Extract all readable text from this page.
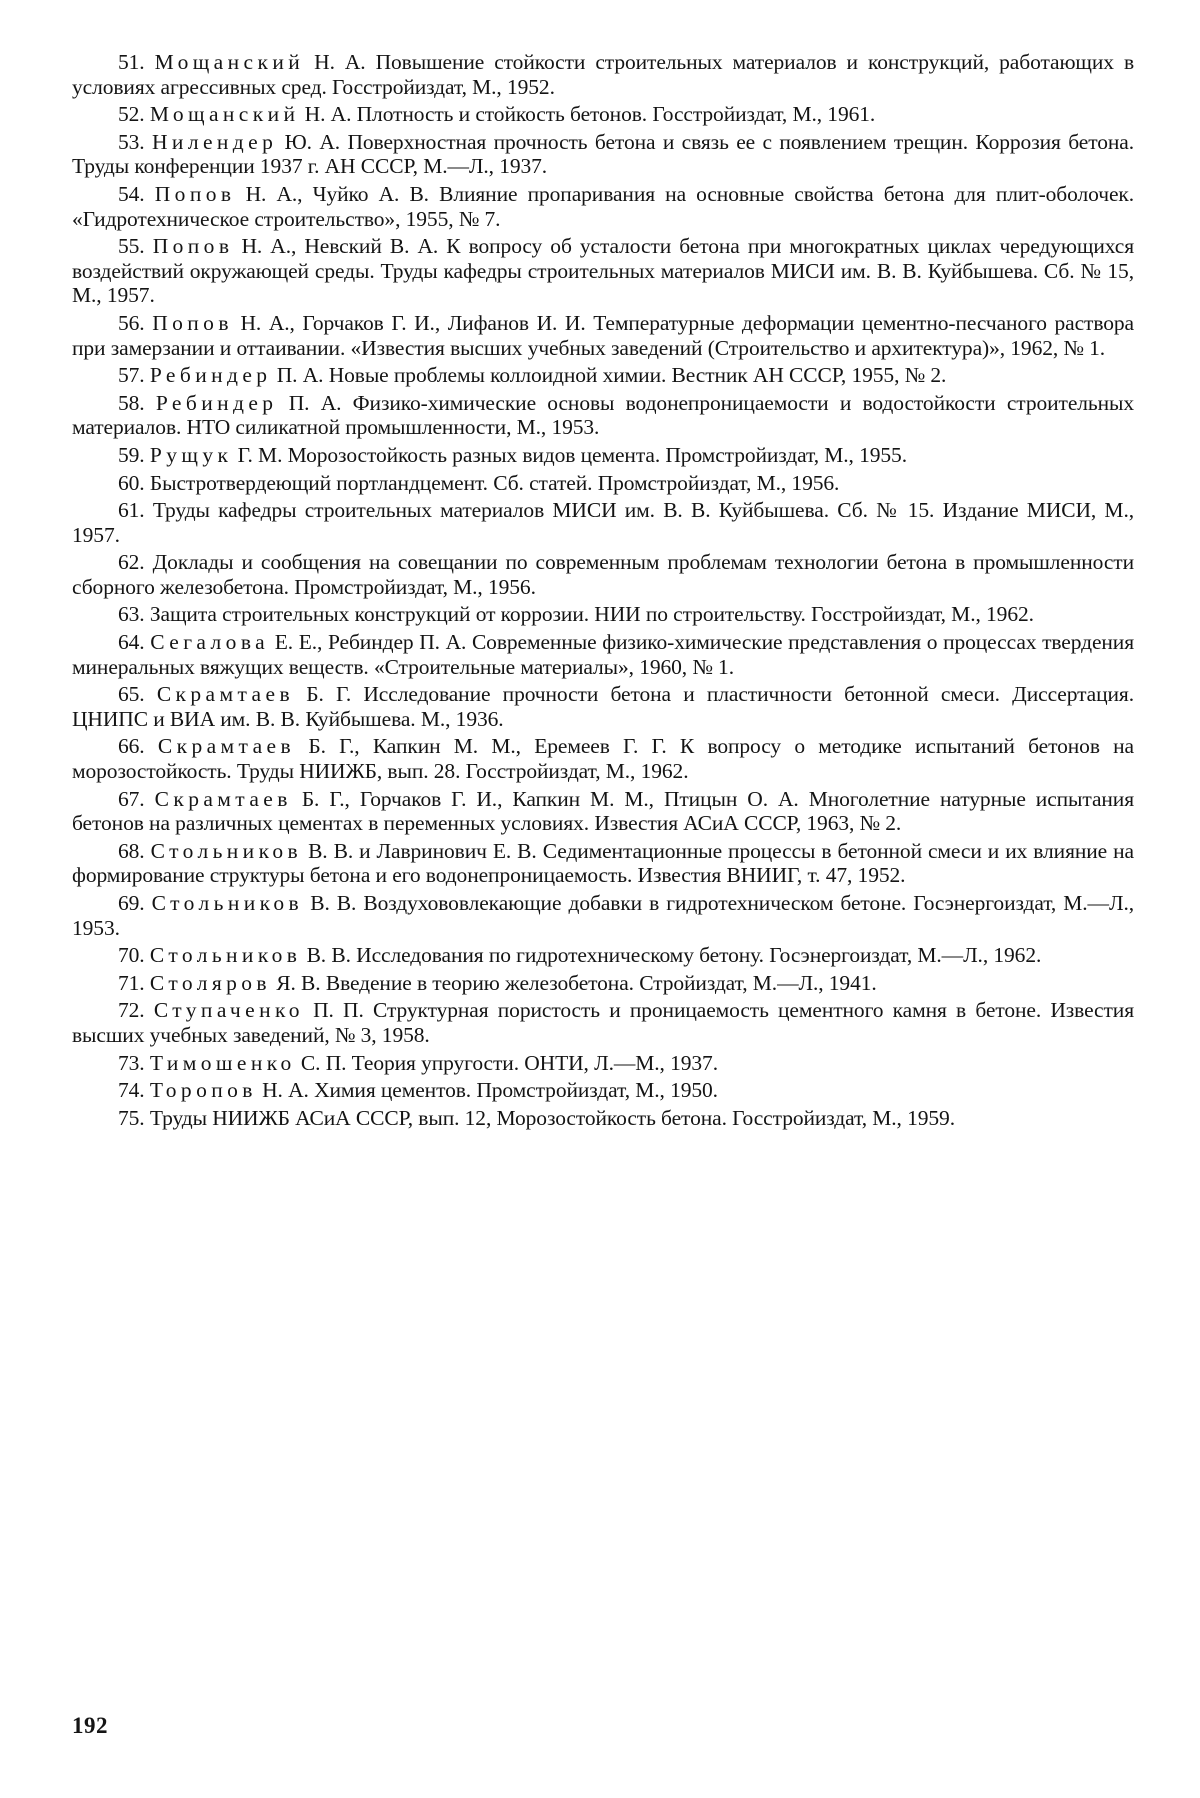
51. Мощанский Н. А. Повышение стойкости строительных материалов и конструкций, работающих в условиях агрессивных сред. Госстройиздат, М., 1952.

52. Мощанский Н. А. Плотность и стойкость бетонов. Госстройиздат, М., 1961.

53. Нилендер Ю. А. Поверхностная прочность бетона и связь ее с появлением трещин. Коррозия бетона. Труды конференции 1937 г. АН СССР, М.—Л., 1937.

54. Попов Н. А., Чуйко А. В. Влияние пропаривания на основные свойства бетона для плит-оболочек. «Гидротехническое строительство», 1955, № 7.

55. Попов Н. А., Невский В. А. К вопросу об усталости бетона при многократных циклах чередующихся воздействий окружающей среды. Труды кафедры строительных материалов МИСИ им. В. В. Куйбышева. Сб. № 15, М., 1957.

56. Попов Н. А., Горчаков Г. И., Лифанов И. И. Температурные деформации цементно-песчаного раствора при замерзании и оттаивании. «Известия высших учебных заведений (Строительство и архитектура)», 1962, № 1.

57. Ребиндер П. А. Новые проблемы коллоидной химии. Вестник АН СССР, 1955, № 2.

58. Ребиндер П. А. Физико-химические основы водонепроницаемости и водостойкости строительных материалов. НТО силикатной промышленности, М., 1953.

59. Рущук Г. М. Морозостойкость разных видов цемента. Промстройиздат, М., 1955.

60. Быстротвердеющий портландцемент. Сб. статей. Промстройиздат, М., 1956.

61. Труды кафедры строительных материалов МИСИ им. В. В. Куйбышева. Сб. № 15. Издание МИСИ, М., 1957.

62. Доклады и сообщения на совещании по современным проблемам технологии бетона в промышленности сборного железобетона. Промстройиздат, М., 1956.

63. Защита строительных конструкций от коррозии. НИИ по строительству. Госстройиздат, М., 1962.

64. Сегалова Е. Е., Ребиндер П. А. Современные физико-химические представления о процессах твердения минеральных вяжущих веществ. «Строительные материалы», 1960, № 1.

65. Скрамтаев Б. Г. Исследование прочности бетона и пластичности бетонной смеси. Диссертация. ЦНИПС и ВИА им. В. В. Куйбышева. М., 1936.

66. Скрамтаев Б. Г., Капкин М. М., Еремеев Г. Г. К вопросу о методике испытаний бетонов на морозостойкость. Труды НИИЖБ, вып. 28. Госстройиздат, М., 1962.

67. Скрамтаев Б. Г., Горчаков Г. И., Капкин М. М., Птицын О. А. Многолетние натурные испытания бетонов на различных цементах в переменных условиях. Известия АСиА СССР, 1963, № 2.

68. Стольников В. В. и Лавринович Е. В. Седиментационные процессы в бетонной смеси и их влияние на формирование структуры бетона и его водонепроницаемость. Известия ВНИИГ, т. 47, 1952.

69. Стольников В. В. Воздухововлекающие добавки в гидротехническом бетоне. Госэнергоиздат, М.—Л., 1953.

70. Стольников В. В. Исследования по гидротехническому бетону. Госэнергоиздат, М.—Л., 1962.

71. Столяров Я. В. Введение в теорию железобетона. Стройиздат, М.—Л., 1941.

72. Ступаченко П. П. Структурная пористость и проницаемость цементного камня в бетоне. Известия высших учебных заведений, № 3, 1958.

73. Тимошенко С. П. Теория упругости. ОНТИ, Л.—М., 1937.

74. Торопов Н. А. Химия цементов. Промстройиздат, М., 1950.

75. Труды НИИЖБ АСиА СССР, вып. 12, Морозостойкость бетона. Госстройиздат, М., 1959.

192
